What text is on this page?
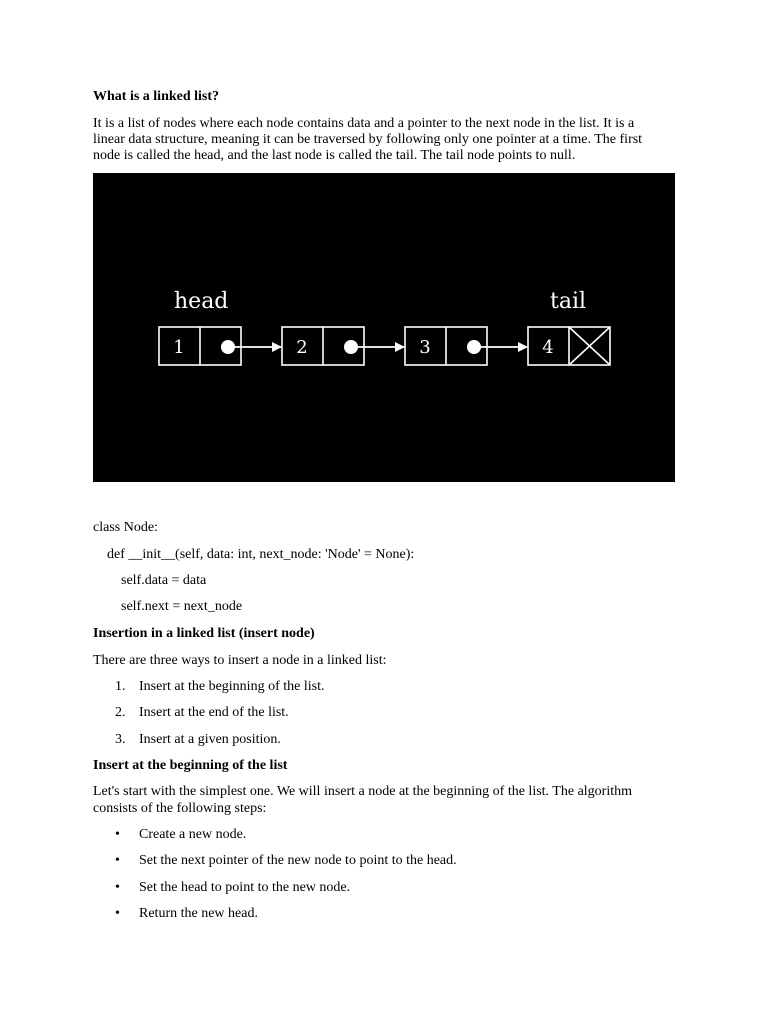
What is a linked list?
It is a list of nodes where each node contains data and a pointer to the next node in the list. It is a
linear data structure, meaning it can be traversed by following only one pointer at a time. The first
node is called the head, and the last node is called the tail. The tail node points to null.
head	tail
1	2	3	4
class Node:
def __init__(self, data: int, next_node: 'Node' = None):
self.data = data
self.next = next_node
Insertion in a linked list (insert node)
There are three ways to insert a node in a linked list:
1. Insert at the beginning of the list.
2. Insert at the end of the list.
3. Insert at a given position.
Insert at the beginning of the list
Let's start with the simplest one. We will insert a node at the beginning of the list. The algorithm
consists of the following steps:
• Create a new node.
• Set the next pointer of the new node to point to the head.
• Set the head to point to the new node.
• Return the new head.
